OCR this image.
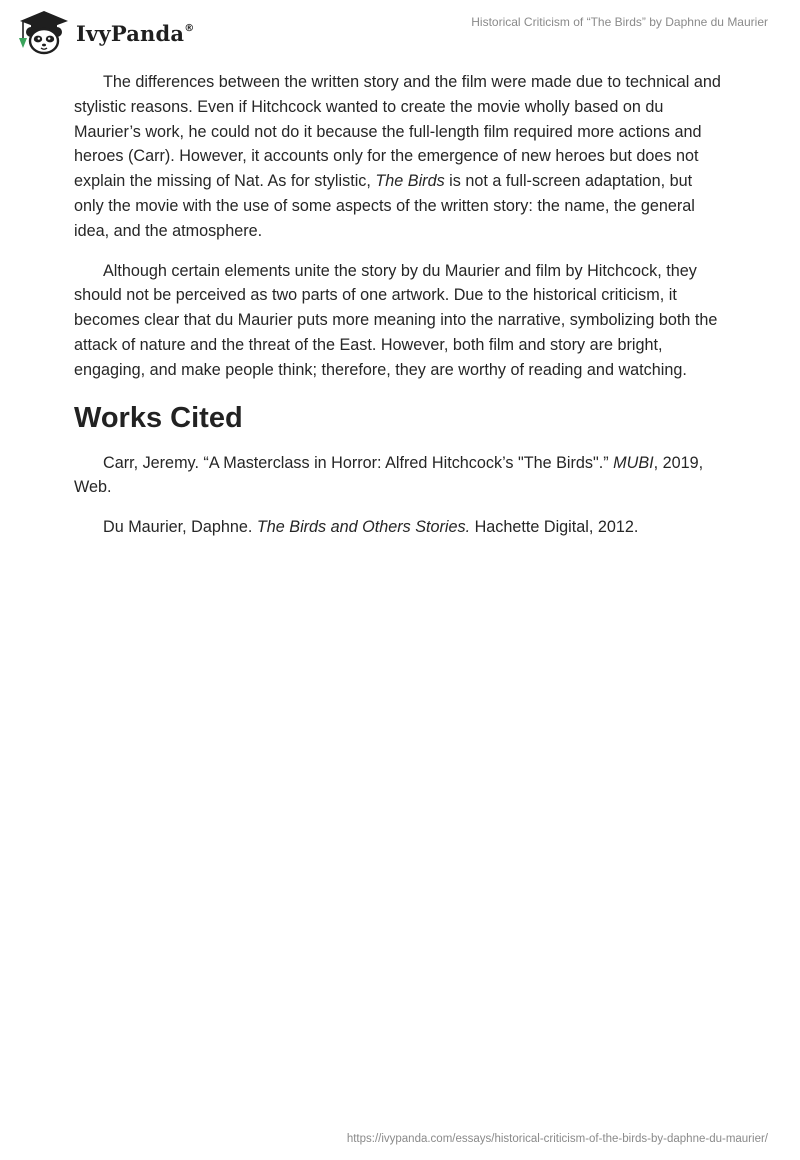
IvyPanda®	Historical Criticism of “The Birds” by Daphne du Maurier

The differences between the written story and the film were made due to technical and stylistic reasons. Even if Hitchcock wanted to create the movie wholly based on du Maurier’s work, he could not do it because the full-length film required more actions and heroes (Carr). However, it accounts only for the emergence of new heroes but does not explain the missing of Nat. As for stylistic, The Birds is not a full-screen adaptation, but only the movie with the use of some aspects of the written story: the name, the general idea, and the atmosphere.

Although certain elements unite the story by du Maurier and film by Hitchcock, they should not be perceived as two parts of one artwork. Due to the historical criticism, it becomes clear that du Maurier puts more meaning into the narrative, symbolizing both the attack of nature and the threat of the East. However, both film and story are bright, engaging, and make people think; therefore, they are worthy of reading and watching.

Works Cited

Carr, Jeremy. “A Masterclass in Horror: Alfred Hitchcock’s "The Birds".” MUBI, 2019, Web.

Du Maurier, Daphne. The Birds and Others Stories. Hachette Digital, 2012.

https://ivypanda.com/essays/historical-criticism-of-the-birds-by-daphne-du-maurier/
